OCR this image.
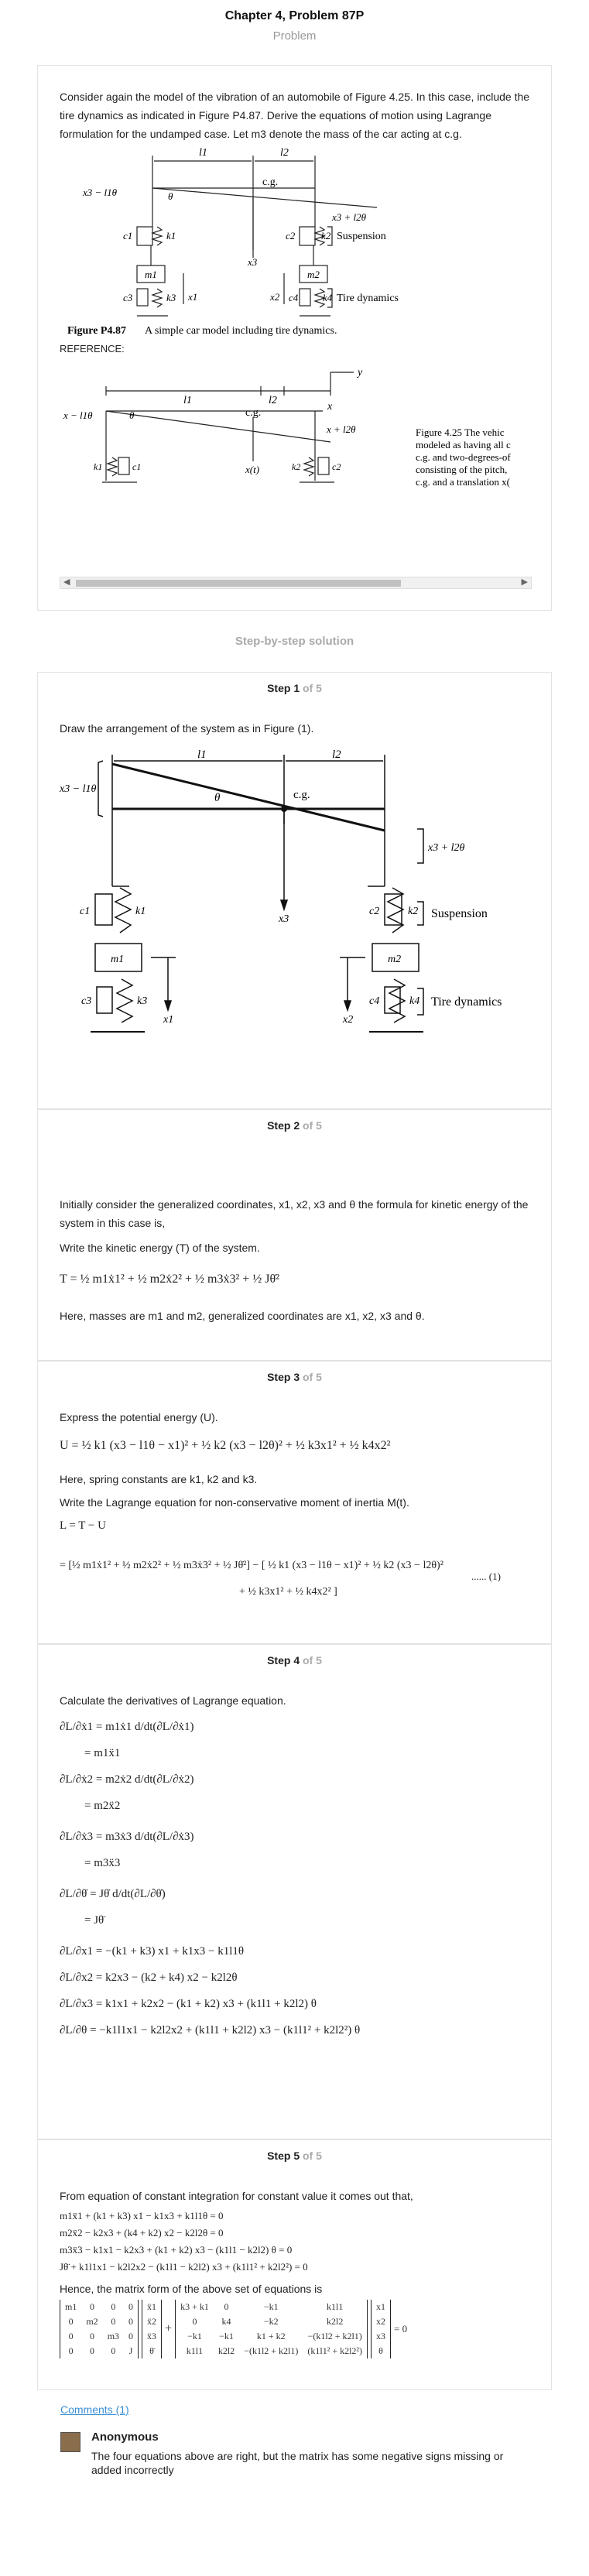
Chapter 4, Problem 87P
Problem
Consider again the model of the vibration of an automobile of Figure 4.25. In this case, include the tire dynamics as indicated in Figure P4.87. Derive the equations of motion using Lagrange formulation for the undamped case. Let m3 denote the mass of the car acting at c.g.
l1	l2
c.g.
x3 − l1θ
x3 + l2θ
θ
x3
c1	k1	c2	k2
m1	m2
x1	x2
c3	k3	c4 k4
Suspension
Tire dynamics
Figure P4.87 A simple car model including tire dynamics.
REFERENCE:
y
x
l1	l2
c.g.
x − l1θ
x + l2θ
θ
x(t)
k1	c1	k2	c2
Figure 4.25 The vehic
modeled as having all c
c.g. and two-degrees-of
consisting of the pitch,
c.g. and a translation x(
◀	▶
Step-by-step solution
Step 1 of 5
Draw the arrangement of the system as in Figure (1).
l1	l2
c.g.
θ
x3 − l1θ
x3 + l2θ
x3
c1	k1	c2	k2
m1	m2
x1	x2
c3	k3	c4	k4
Suspension
Tire dynamics
Step 2 of 5
Initially consider the generalized coordinates, x1, x2, x3 and θ the formula for kinetic energy of the system in this case is,
Write the kinetic energy (T) of the system.
T = ½ m1ẋ1² + ½ m2ẋ2² + ½ m3ẋ3² + ½ Jθ̇²
Here, masses are m1 and m2, generalized coordinates are x1, x2, x3 and θ.
Step 3 of 5
Express the potential energy (U).
U = ½ k1 (x3 − l1θ − x1)² + ½ k2 (x3 − l2θ)² + ½ k3x1² + ½ k4x2²
Here, spring constants are k1, k2 and k3.
Write the Lagrange equation for non-conservative moment of inertia M(t).
L = T − U
= [½ m1ẋ1² + ½ m2ẋ2² + ½ m3ẋ3² + ½ Jθ̇²] − [ ½ k1 (x3 − l1θ − x1)² + ½ k2 (x3 − l2θ)²
+ ½ k3x1² + ½ k4x2² ]
...... (1)
Step 4 of 5
Calculate the derivatives of Lagrange equation.
∂L/∂ẋ1 = m1ẋ1 d/dt(∂L/∂ẋ1)
= m1ẍ1
∂L/∂ẋ2 = m2ẋ2 d/dt(∂L/∂ẋ2)
= m2ẍ2
∂L/∂ẋ3 = m3ẋ3 d/dt(∂L/∂ẋ3)
= m3ẍ3
∂L/∂θ̇ = Jθ̇ d/dt(∂L/∂θ̇)
= Jθ̈
∂L/∂x1 = −(k1 + k3) x1 + k1x3 − k1l1θ
∂L/∂x2 = k2x3 − (k2 + k4) x2 − k2l2θ
∂L/∂x3 = k1x1 + k2x2 − (k1 + k2) x3 + (k1l1 + k2l2) θ
∂L/∂θ = −k1l1x1 − k2l2x2 + (k1l1 + k2l2) x3 − (k1l1² + k2l2²) θ
Step 5 of 5
From equation of constant integration for constant value it comes out that,
m1ẍ1 + (k1 + k3) x1 − k1x3 + k1l1θ = 0
m2ẍ2 − k2x3 + (k4 + k2) x2 − k2l2θ = 0
m3ẍ3 − k1x1 − k2x3 + (k1 + k2) x3 − (k1l1 − k2l2) θ = 0
Jθ̈ + k1l1x1 − k2l2x2 − (k1l1 − k2l2) x3 + (k1l1² + k2l2²) = 0
Hence, the matrix form of the above set of equations is
m1	0	0	0
0	m2	0	0
0	0	m3	0
0	0	0	J
ẍ1
ẍ2
ẍ3
θ̈
+
k3 + k1	0	−k1	k1l1
0	k4	−k2	k2l2
−k1	−k1	k1 + k2	−(k1l2 + k2l1)
k1l1	k2l2	−(k1l2 + k2l1)	(k1l1² + k2l2²)
x1
x2
x3
θ
= 0
Comments (1)
Anonymous
The four equations above are right, but the matrix has some negative signs missing or added incorrectly
